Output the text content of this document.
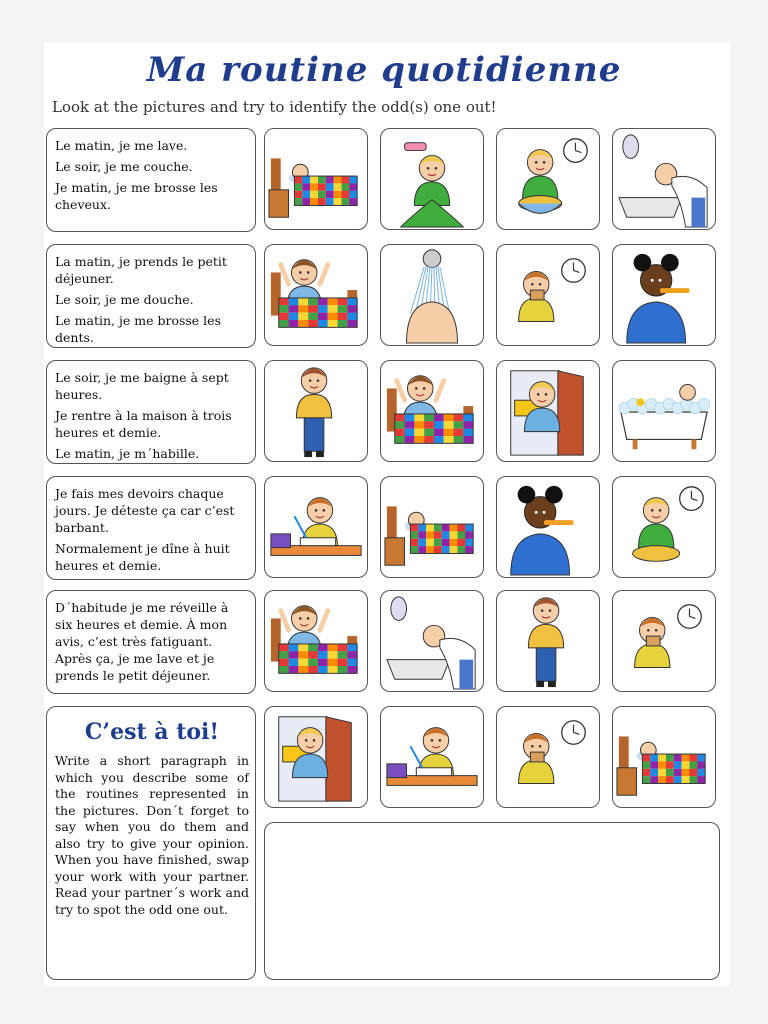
Ma routine quotidienne
Look at the pictures and try to identify the odd(s) one out!

Le matin, je me lave.

Le soir, je me couche.

Je matin, je me brosse les cheveux.

La matin, je prends le petit déjeuner.

Le soir, je me douche.

Le matin, je me brosse les dents.

Le soir, je me baigne à sept heures.

Je rentre à la maison à trois heures et demie.

Le matin, je m´habille.

Je fais mes devoirs chaque jours. Je déteste ça car c’est barbant.

Normalement je dîne à huit heures et demie.

D´habitude je me réveille à six heures et demie. À mon avis, c’est très fatiguant. Après ça, je me lave et je prends le petit déjeuner.

C’est à toi!
Write a short paragraph in which you describe some of the routines represented in the pictures. Don´t forget to say when you do them and also try to give your opinion. When you have finished, swap your work with your partner. Read your partner´s work and try to spot the odd one out.
